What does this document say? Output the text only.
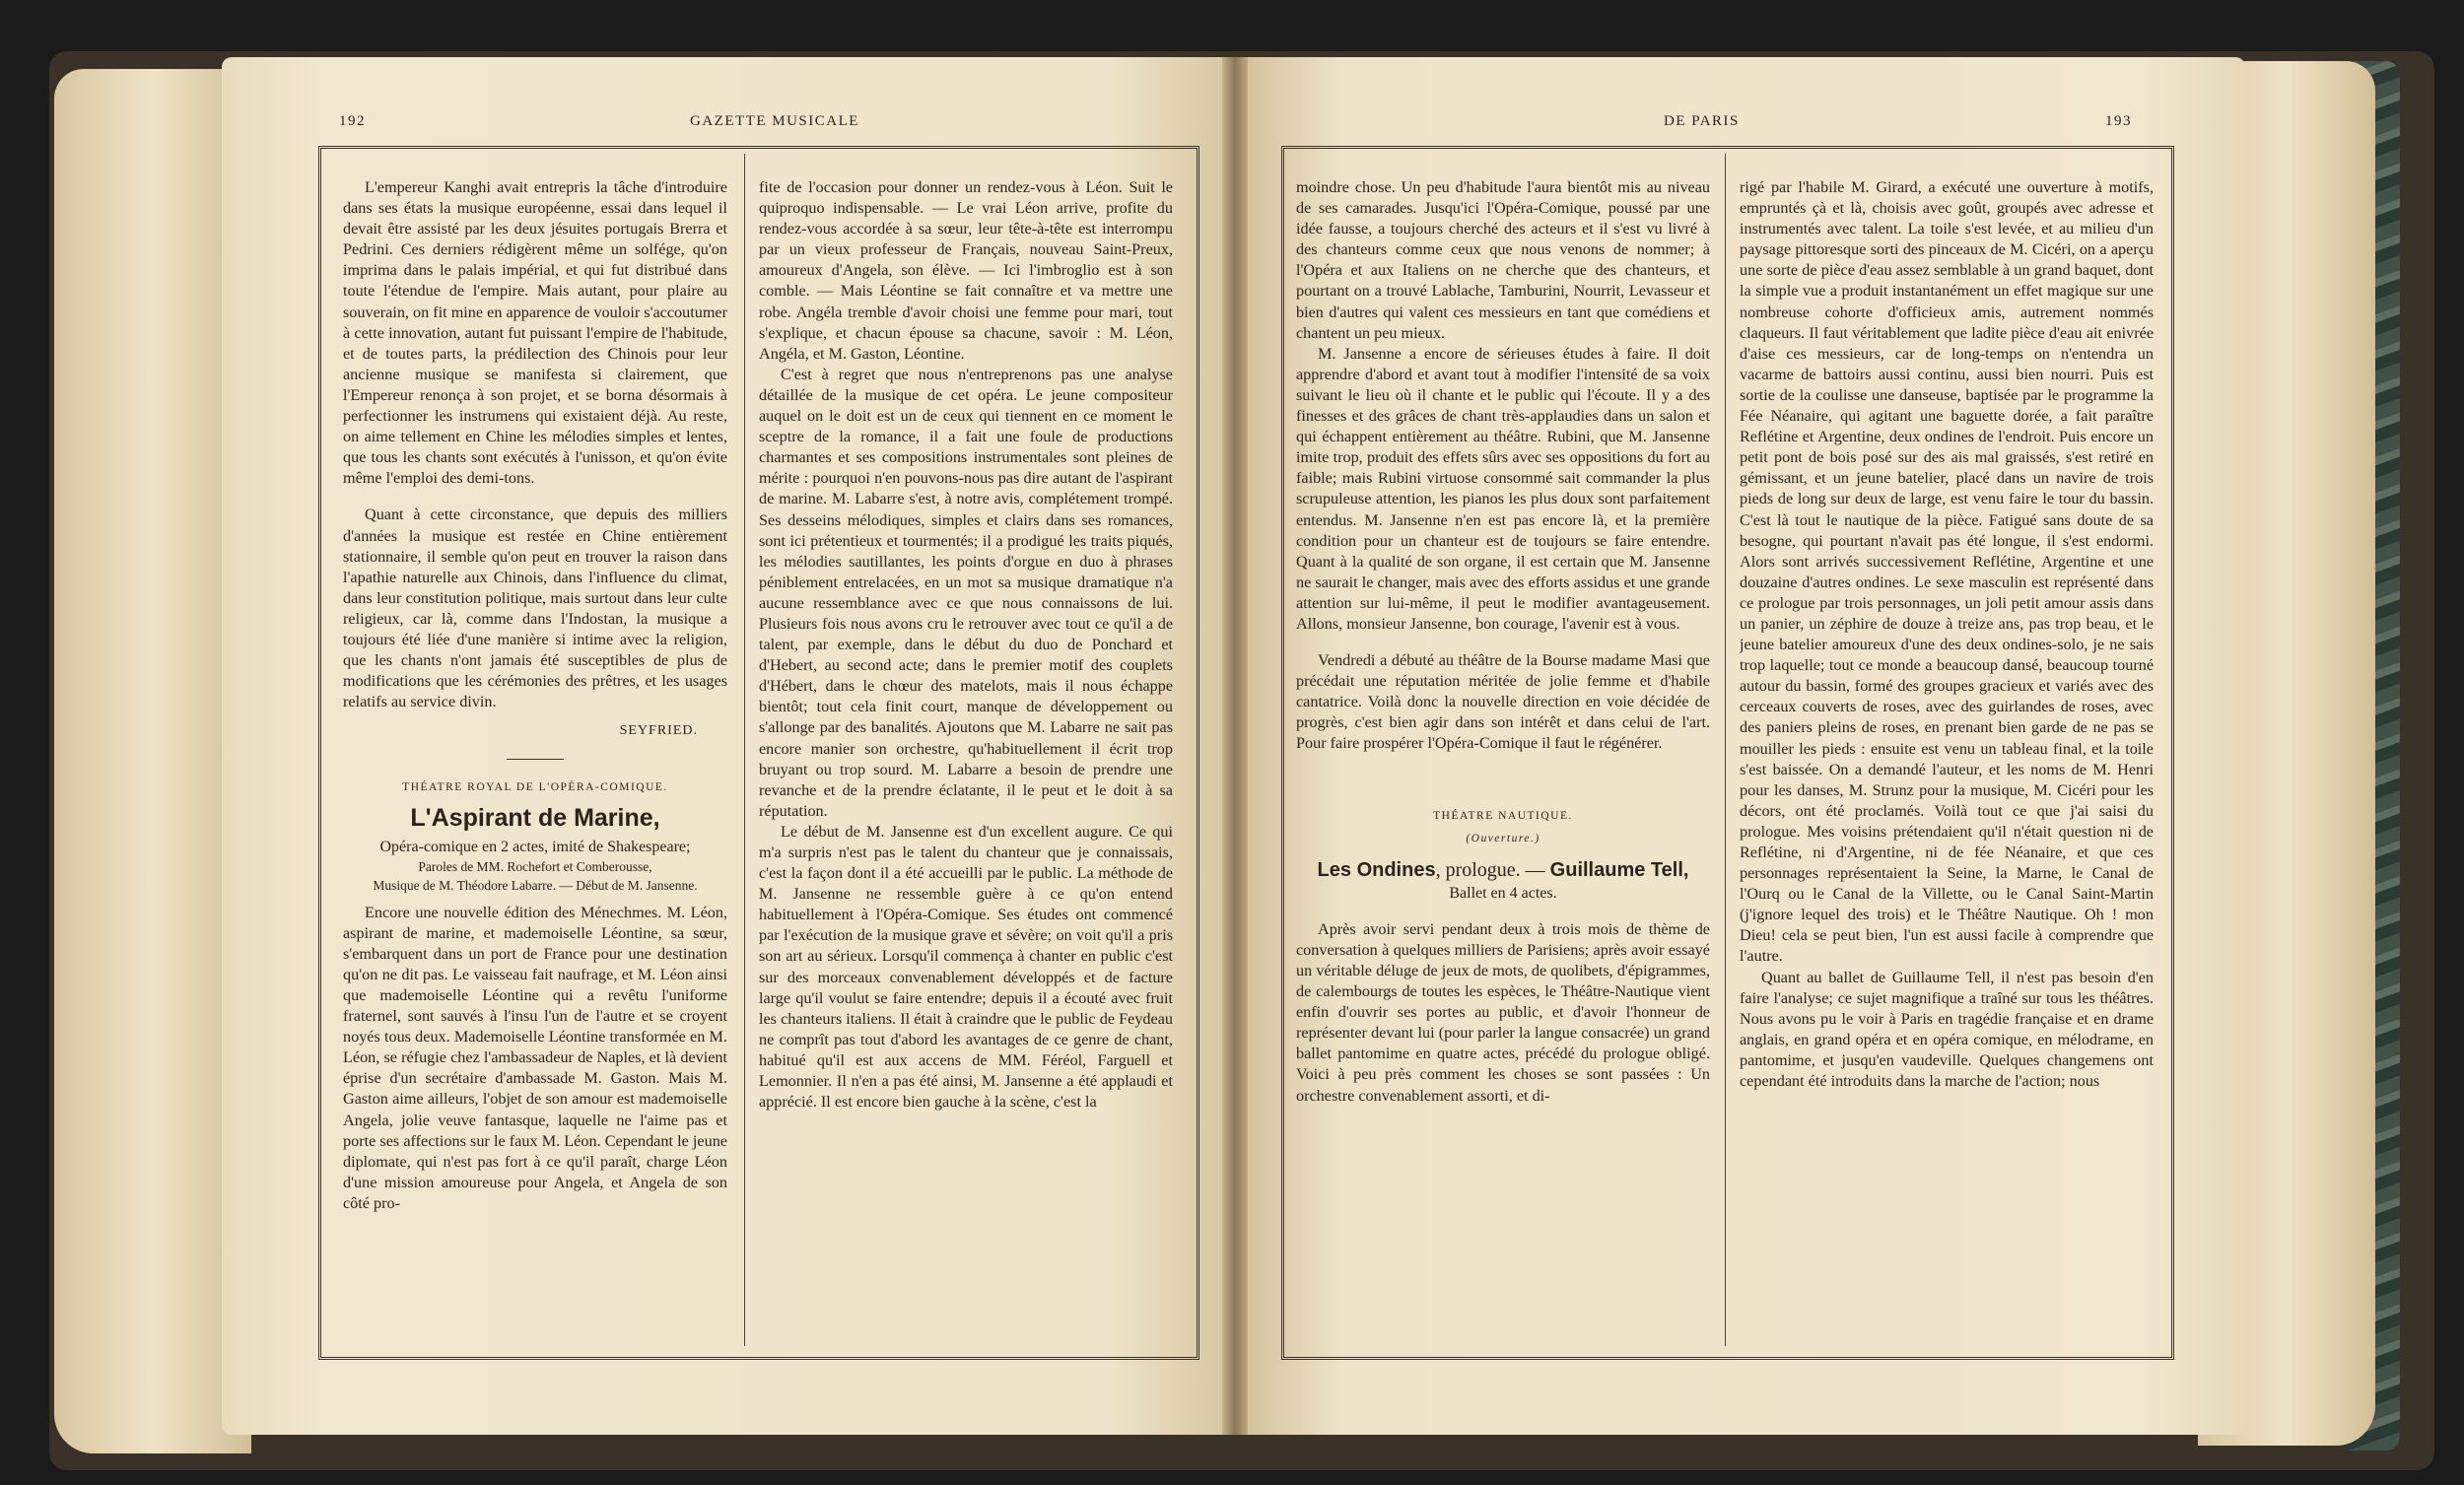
192	GAZETTE MUSICALE	DE PARIS	193

L'empereur Kanghi avait entrepris la tâche d'introduire dans ses états la musique européenne, essai dans lequel il devait être assisté par les deux jésuites portugais Brerra et Pedrini. Ces derniers rédigèrent même un solfége, qu'on imprima dans le palais impérial, et qui fut distribué dans toute l'étendue de l'empire. Mais autant, pour plaire au souverain, on fit mine en apparence de vouloir s'accoutumer à cette innovation, autant fut puissant l'empire de l'habitude, et de toutes parts, la prédilection des Chinois pour leur ancienne musique se manifesta si clairement, que l'Empereur renonça à son projet, et se borna désormais à perfectionner les instrumens qui existaient déjà. Au reste, on aime tellement en Chine les mélodies simples et lentes, que tous les chants sont exécutés à l'unisson, et qu'on évite même l'emploi des demi-tons.

Quant à cette circonstance, que depuis des milliers d'années la musique est restée en Chine entièrement stationnaire, il semble qu'on peut en trouver la raison dans l'apathie naturelle aux Chinois, dans l'influence du climat, dans leur constitution politique, mais surtout dans leur culte religieux, car là, comme dans l'Indostan, la musique a toujours été liée d'une manière si intime avec la religion, que les chants n'ont jamais été susceptibles de plus de modifications que les cérémonies des prêtres, et les usages relatifs au service divin.

SEYFRIED.

THÉATRE ROYAL DE L'OPÉRA-COMIQUE.

L'Aspirant de Marine,

Opéra-comique en 2 actes, imité de Shakespeare;

Paroles de MM. Rochefort et Comberousse,

Musique de M. Théodore Labarre. — Début de M. Jansenne.

Encore une nouvelle édition des Ménechmes. M. Léon, aspirant de marine, et mademoiselle Léontine, sa sœur, s'embarquent dans un port de France pour une destination qu'on ne dit pas. Le vaisseau fait naufrage, et M. Léon ainsi que mademoiselle Léontine qui a revêtu l'uniforme fraternel, sont sauvés à l'insu l'un de l'autre et se croyent noyés tous deux. Mademoiselle Léontine transformée en M. Léon, se réfugie chez l'ambassadeur de Naples, et là devient éprise d'un secrétaire d'ambassade M. Gaston. Mais M. Gaston aime ailleurs, l'objet de son amour est mademoiselle Angela, jolie veuve fantasque, laquelle ne l'aime pas et porte ses affections sur le faux M. Léon. Cependant le jeune diplomate, qui n'est pas fort à ce qu'il paraît, charge Léon d'une mission amoureuse pour Angela, et Angela de son côté pro-

fite de l'occasion pour donner un rendez-vous à Léon. Suit le quiproquo indispensable. — Le vrai Léon arrive, profite du rendez-vous accordée à sa sœur, leur tête-à-tête est interrompu par un vieux professeur de Français, nouveau Saint-Preux, amoureux d'Angela, son élève. — Ici l'imbroglio est à son comble. — Mais Léontine se fait connaître et va mettre une robe. Angéla tremble d'avoir choisi une femme pour mari, tout s'explique, et chacun épouse sa chacune, savoir : M. Léon, Angéla, et M. Gaston, Léontine.

C'est à regret que nous n'entreprenons pas une analyse détaillée de la musique de cet opéra. Le jeune compositeur auquel on le doit est un de ceux qui tiennent en ce moment le sceptre de la romance, il a fait une foule de productions charmantes et ses compositions instrumentales sont pleines de mérite : pourquoi n'en pouvons-nous pas dire autant de l'aspirant de marine. M. Labarre s'est, à notre avis, complétement trompé. Ses desseins mélodiques, simples et clairs dans ses romances, sont ici prétentieux et tourmentés; il a prodigué les traits piqués, les mélodies sautillantes, les points d'orgue en duo à phrases péniblement entrelacées, en un mot sa musique dramatique n'a aucune ressemblance avec ce que nous connaissons de lui. Plusieurs fois nous avons cru le retrouver avec tout ce qu'il a de talent, par exemple, dans le début du duo de Ponchard et d'Hebert, au second acte; dans le premier motif des couplets d'Hébert, dans le chœur des matelots, mais il nous échappe bientôt; tout cela finit court, manque de développement ou s'allonge par des banalités. Ajoutons que M. Labarre ne sait pas encore manier son orchestre, qu'habituellement il écrit trop bruyant ou trop sourd. M. Labarre a besoin de prendre une revanche et de la prendre éclatante, il le peut et le doit à sa réputation.

Le début de M. Jansenne est d'un excellent augure. Ce qui m'a surpris n'est pas le talent du chanteur que je connaissais, c'est la façon dont il a été accueilli par le public. La méthode de M. Jansenne ne ressemble guère à ce qu'on entend habituellement à l'Opéra-Comique. Ses études ont commencé par l'exécution de la musique grave et sévère; on voit qu'il a pris son art au sérieux. Lorsqu'il commença à chanter en public c'est sur des morceaux convenablement développés et de facture large qu'il voulut se faire entendre; depuis il a écouté avec fruit les chanteurs italiens. Il était à craindre que le public de Feydeau ne comprît pas tout d'abord les avantages de ce genre de chant, habitué qu'il est aux accens de MM. Féréol, Farguell et Lemonnier. Il n'en a pas été ainsi, M. Jansenne a été applaudi et apprécié. Il est encore bien gauche à la scène, c'est la

moindre chose. Un peu d'habitude l'aura bientôt mis au niveau de ses camarades. Jusqu'ici l'Opéra-Comique, poussé par une idée fausse, a toujours cherché des acteurs et il s'est vu livré à des chanteurs comme ceux que nous venons de nommer; à l'Opéra et aux Italiens on ne cherche que des chanteurs, et pourtant on a trouvé Lablache, Tamburini, Nourrit, Levasseur et bien d'autres qui valent ces messieurs en tant que comédiens et chantent un peu mieux.

M. Jansenne a encore de sérieuses études à faire. Il doit apprendre d'abord et avant tout à modifier l'intensité de sa voix suivant le lieu où il chante et le public qui l'écoute. Il y a des finesses et des grâces de chant très-applaudies dans un salon et qui échappent entièrement au théâtre. Rubini, que M. Jansenne imite trop, produit des effets sûrs avec ses oppositions du fort au faible; mais Rubini virtuose consommé sait commander la plus scrupuleuse attention, les pianos les plus doux sont parfaitement entendus. M. Jansenne n'en est pas encore là, et la première condition pour un chanteur est de toujours se faire entendre. Quant à la qualité de son organe, il est certain que M. Jansenne ne saurait le changer, mais avec des efforts assidus et une grande attention sur lui-même, il peut le modifier avantageusement. Allons, monsieur Jansenne, bon courage, l'avenir est à vous.

Vendredi a débuté au théâtre de la Bourse madame Masi que précédait une réputation méritée de jolie femme et d'habile cantatrice. Voilà donc la nouvelle direction en voie décidée de progrès, c'est bien agir dans son intérêt et dans celui de l'art. Pour faire prospérer l'Opéra-Comique il faut le régénérer.

THÉATRE NAUTIQUE.

(Ouverture.)

Les Ondines, prologue. — Guillaume Tell,

Ballet en 4 actes.

Après avoir servi pendant deux à trois mois de thème de conversation à quelques milliers de Parisiens; après avoir essayé un véritable déluge de jeux de mots, de quolibets, d'épigrammes, de calembourgs de toutes les espèces, le Théâtre-Nautique vient enfin d'ouvrir ses portes au public, et d'avoir l'honneur de représenter devant lui (pour parler la langue consacrée) un grand ballet pantomime en quatre actes, précédé du prologue obligé. Voici à peu près comment les choses se sont passées : Un orchestre convenablement assorti, et di-

rigé par l'habile M. Girard, a exécuté une ouverture à motifs, empruntés çà et là, choisis avec goût, groupés avec adresse et instrumentés avec talent. La toile s'est levée, et au milieu d'un paysage pittoresque sorti des pinceaux de M. Cicéri, on a aperçu une sorte de pièce d'eau assez semblable à un grand baquet, dont la simple vue a produit instantanément un effet magique sur une nombreuse cohorte d'officieux amis, autrement nommés claqueurs. Il faut véritablement que ladite pièce d'eau ait enivrée d'aise ces messieurs, car de long-temps on n'entendra un vacarme de battoirs aussi continu, aussi bien nourri. Puis est sortie de la coulisse une danseuse, baptisée par le programme la Fée Néanaire, qui agitant une baguette dorée, a fait paraître Reflétine et Argentine, deux ondines de l'endroit. Puis encore un petit pont de bois posé sur des ais mal graissés, s'est retiré en gémissant, et un jeune batelier, placé dans un navire de trois pieds de long sur deux de large, est venu faire le tour du bassin. C'est là tout le nautique de la pièce. Fatigué sans doute de sa besogne, qui pourtant n'avait pas été longue, il s'est endormi. Alors sont arrivés successivement Reflétine, Argentine et une douzaine d'autres ondines. Le sexe masculin est représenté dans ce prologue par trois personnages, un joli petit amour assis dans un panier, un zéphire de douze à treize ans, pas trop beau, et le jeune batelier amoureux d'une des deux ondines-solo, je ne sais trop laquelle; tout ce monde a beaucoup dansé, beaucoup tourné autour du bassin, formé des groupes gracieux et variés avec des cerceaux couverts de roses, avec des guirlandes de roses, avec des paniers pleins de roses, en prenant bien garde de ne pas se mouiller les pieds : ensuite est venu un tableau final, et la toile s'est baissée. On a demandé l'auteur, et les noms de M. Henri pour les danses, M. Strunz pour la musique, M. Cicéri pour les décors, ont été proclamés. Voilà tout ce que j'ai saisi du prologue. Mes voisins prétendaient qu'il n'était question ni de Reflétine, ni d'Argentine, ni de fée Néanaire, et que ces personnages représentaient la Seine, la Marne, le Canal de l'Ourq ou le Canal de la Villette, ou le Canal Saint-Martin (j'ignore lequel des trois) et le Théâtre Nautique. Oh ! mon Dieu! cela se peut bien, l'un est aussi facile à comprendre que l'autre.

Quant au ballet de Guillaume Tell, il n'est pas besoin d'en faire l'analyse; ce sujet magnifique a traîné sur tous les théâtres. Nous avons pu le voir à Paris en tragédie française et en drame anglais, en grand opéra et en opéra comique, en mélodrame, en pantomime, et jusqu'en vaudeville. Quelques changemens ont cependant été introduits dans la marche de l'action; nous
